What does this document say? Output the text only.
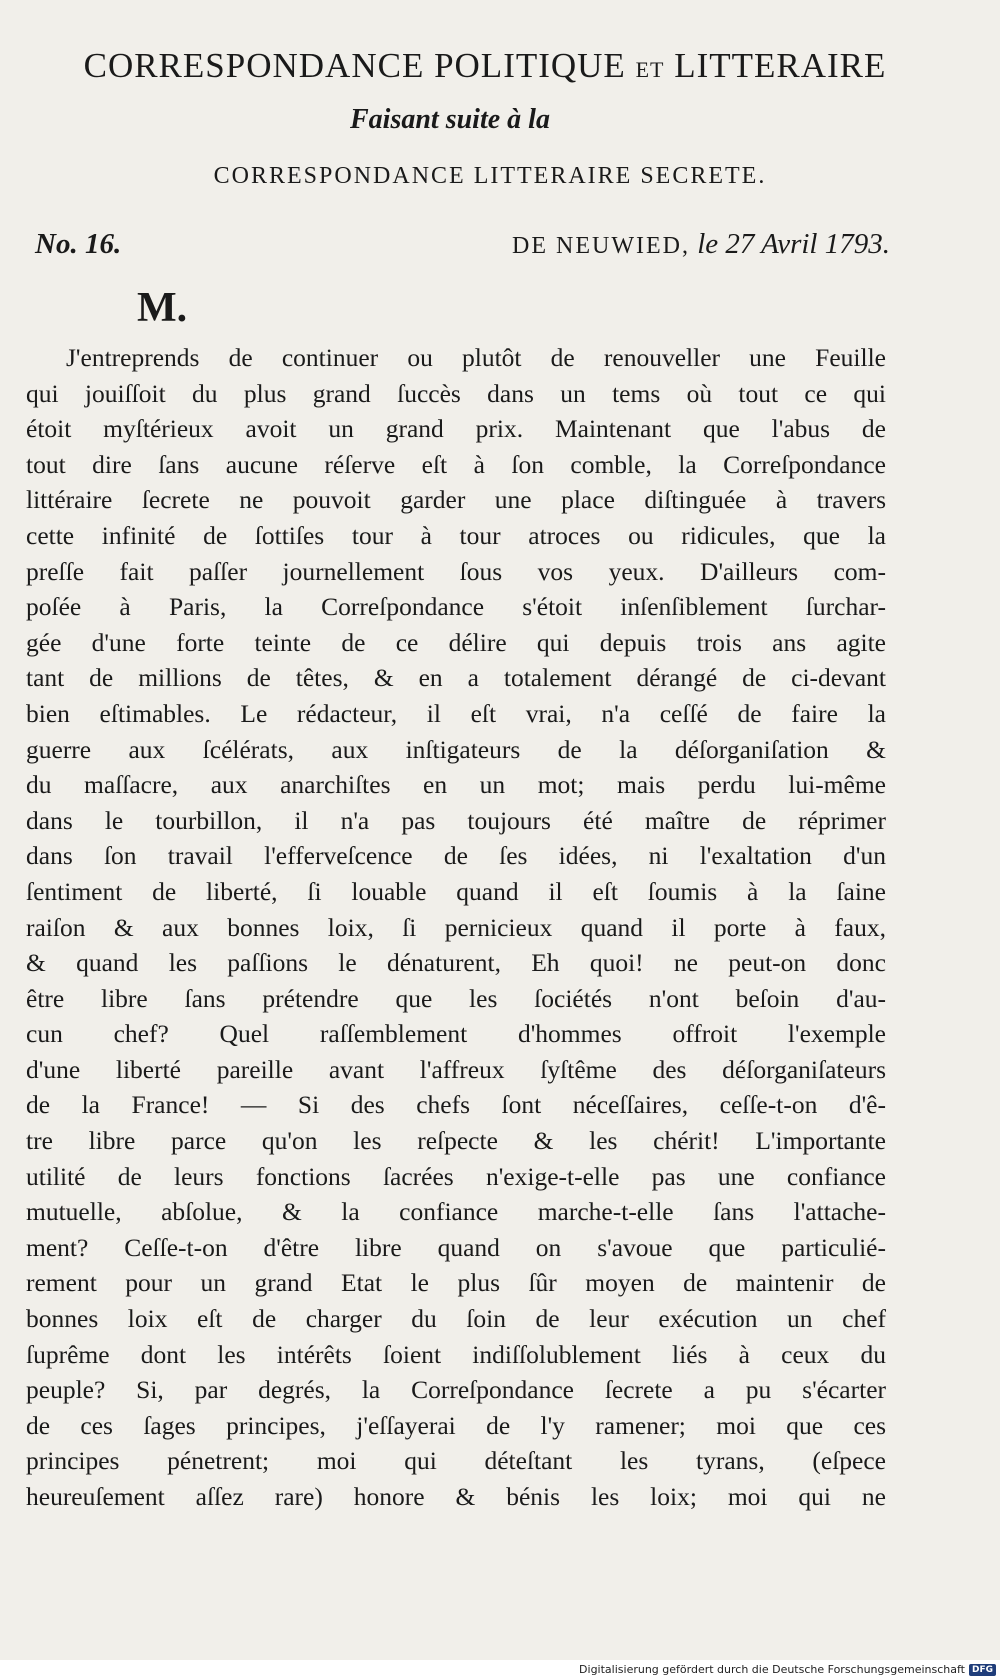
CORRESPONDANCE POLITIQUE ET LITTERAIRE
Faisant suite à la
CORRESPONDANCE LITTERAIRE SECRETE.
No. 16.	DE NEUWIED, le 27 Avril 1793.
M.
J'entreprends de continuer ou plutôt de renouveller une Feuille
qui jouiſſoit du plus grand ſuccès dans un tems où tout ce qui
étoit myſtérieux avoit un grand prix. Maintenant que l'abus de
tout dire ſans aucune réſerve eſt à ſon comble, la Correſpondance
littéraire ſecrete ne pouvoit garder une place diſtinguée à travers
cette infinité de ſottiſes tour à tour atroces ou ridicules, que la
preſſe fait paſſer journellement ſous vos yeux. D'ailleurs com-
poſée à Paris, la Correſpondance s'étoit inſenſiblement ſurchar-
gée d'une forte teinte de ce délire qui depuis trois ans agite
tant de millions de têtes, & en a totalement dérangé de ci-devant
bien eſtimables. Le rédacteur, il eſt vrai, n'a ceſſé de faire la
guerre aux ſcélérats, aux inſtigateurs de la déſorganiſation &
du maſſacre, aux anarchiſtes en un mot; mais perdu lui-même
dans le tourbillon, il n'a pas toujours été maître de réprimer
dans ſon travail l'efferveſcence de ſes idées, ni l'exaltation d'un
ſentiment de liberté, ſi louable quand il eſt ſoumis à la ſaine
raiſon & aux bonnes loix, ſi pernicieux quand il porte à faux,
& quand les paſſions le dénaturent, Eh quoi! ne peut-on donc
être libre ſans prétendre que les ſociétés n'ont beſoin d'au-
cun chef? Quel raſſemblement d'hommes offroit l'exemple
d'une liberté pareille avant l'affreux ſyſtême des déſorganiſateurs
de la France! — Si des chefs ſont néceſſaires, ceſſe-t-on d'ê-
tre libre parce qu'on les reſpecte & les chérit! L'importante
utilité de leurs fonctions ſacrées n'exige-t-elle pas une confiance
mutuelle, abſolue, & la confiance marche-t-elle ſans l'attache-
ment? Ceſſe-t-on d'être libre quand on s'avoue que particulié-
rement pour un grand Etat le plus ſûr moyen de maintenir de
bonnes loix eſt de charger du ſoin de leur exécution un chef
ſuprême dont les intérêts ſoient indiſſolublement liés à ceux du
peuple? Si, par degrés, la Correſpondance ſecrete a pu s'écarter
de ces ſages principes, j'eſſayerai de l'y ramener; moi que ces
principes pénetrent; moi qui déteſtant les tyrans, (eſpece
heureuſement aſſez rare) honore & bénis les loix; moi qui ne
Digitalisierung gefördert durch die Deutsche Forschungsgemeinschaft DFG
